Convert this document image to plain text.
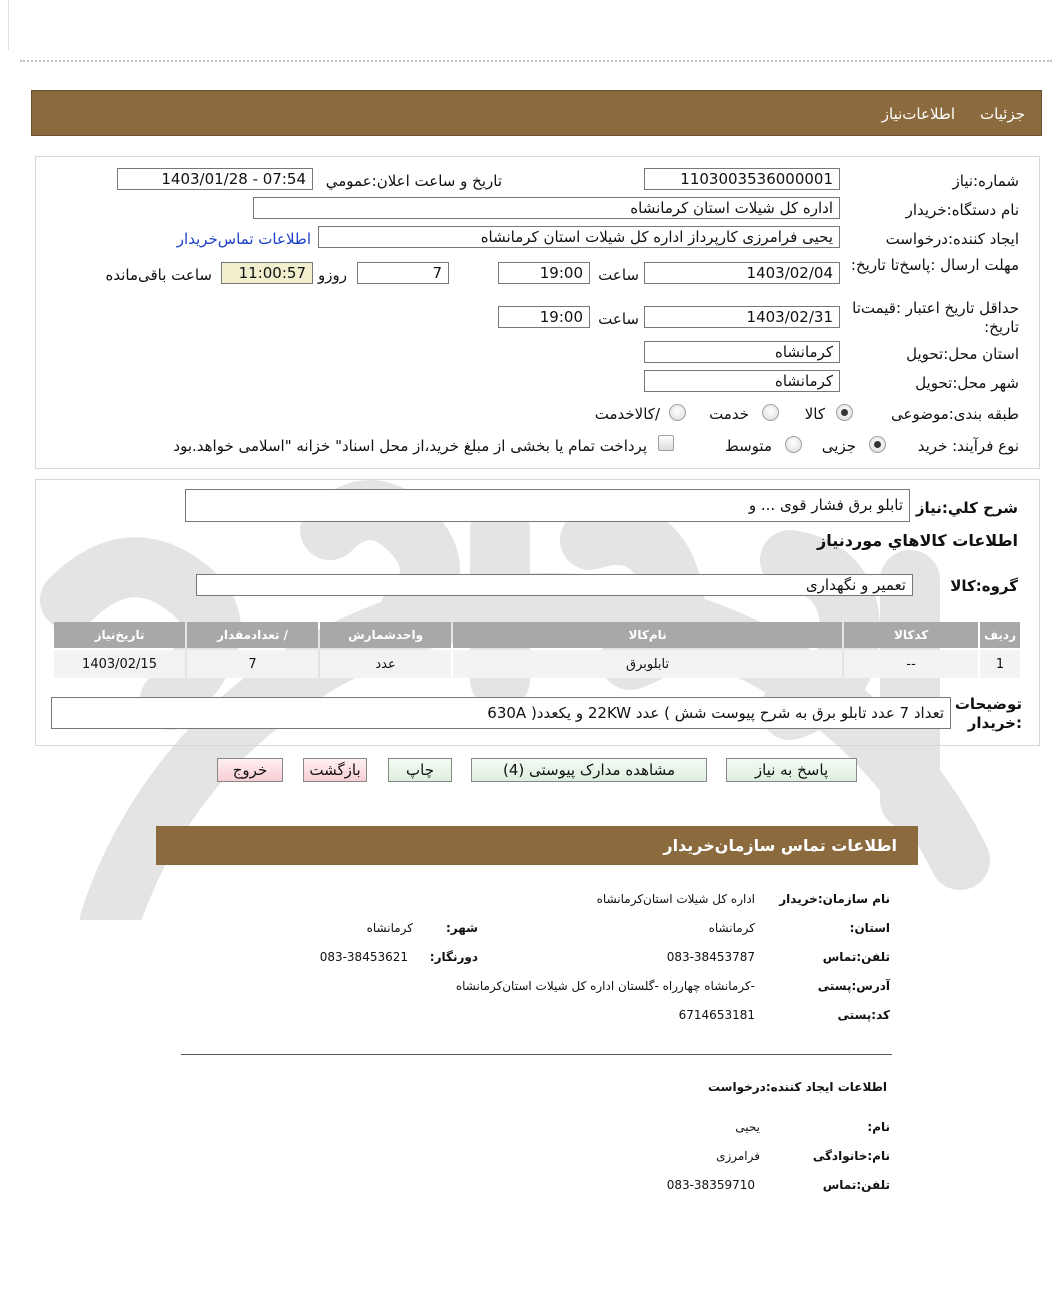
جزئیات
اطلاعات‌نیاز
شماره:نیاز
1103003536000001
تاریخ و ساعت اعلان:عمومي
1403/01/28 - 07:54
نام دستگاه:خریدار
اداره کل شیلات استان کرمانشاه
ایجاد کننده:درخواست
یحیی فرامرزی کارپرداز اداره کل شیلات استان کرمانشاه
اطلاعات تماس‌خریدار
مهلت ارسال :پاسخ‌تا تاریخ:
1403/02/04
ساعت
19:00
7
روزو
11:00:57
ساعت باقی‌مانده
حداقل تاریخ اعتبار :قیمت‌تا تاریخ:
1403/02/31
ساعت
19:00
استان محل:تحویل
کرمانشاه
شهر محل:تحویل
کرمانشاه
طبقه بندی:موضوعی
کالا
خدمت
/کالاخدمت
نوع فرآیند: خرید
جزیی
متوسط
پرداخت تمام یا بخشی از مبلغ خرید،از محل اسناد" خزانه "اسلامی خواهد.بود
شرح کلي:نیاز
تابلو برق فشار قوی ... و
اطلاعات کالاهاي موردنياز
گروه:کالا
تعمیر و نگهداری
ردیف	کدکالا	نام‌کالا	واحدشمارش	/ تعدادمقدار	تاریخ‌نیاز
1	--	تابلو‌برق	عدد	7	1403/02/15
توضیحات :خریدار
تعداد 7 عدد تابلو برق به شرح پیوست شش ) عدد 22KW و یکعدد( 630A
پاسخ به نیاز
مشاهده مدارک پیوستی (4)
چاپ
بازگشت
خروج
اطلاعات تماس سازمان‌خریدار
نام سازمان:خریدار
اداره کل شیلات استان‌کرمانشاه
استان:
کرمانشاه
شهر:
کرمانشاه
تلفن:تماس
083-38453787
دورنگار:
083-38453621
آدرس:پستی
-کرمانشاه چهارراه -گلستان اداره کل شیلات استان‌کرمانشاه
کد:پستی
6714653181
اطلاعات ایجاد کننده:درخواست
نام:
یحیی
نام:خانوادگی
فرامرزی
تلفن:تماس
083-38359710
